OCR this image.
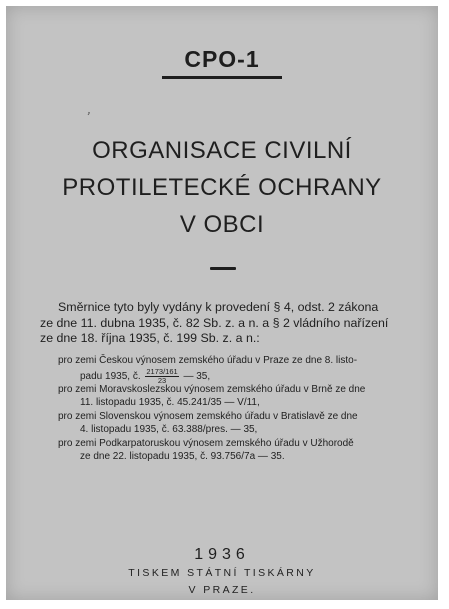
CPO-1
ʼ
ORGANISACE CIVILNÍ
PROTILETECKÉ OCHRANY
V OBCI
Směrnice tyto byly vydány k provedení § 4, odst. 2 zákona
ze dne 11. dubna 1935, č. 82 Sb. z. a n. a § 2 vládního nařízení
ze dne 18. října 1935, č. 199 Sb. z. a n.:
pro zemi Českou výnosem zemského úřadu v Praze ze dne 8. listo-
padu 1935, č. $\frac{2173/161}{23}$ — 35,
pro zemi Moravskoslezskou výnosem zemského úřadu v Brně ze dne
11. listopadu 1935, č. 45.241/35 — V/11,
pro zemi Slovenskou výnosem zemského úřadu v Bratislavě ze dne
4. listopadu 1935, č. 63.388/pres. — 35,
pro zemi Podkarpatoruskou výnosem zemského úřadu v Užhorodě
ze dne 22. listopadu 1935, č. 93.756/7a — 35.
1936
TISKEM STÁTNÍ TISKÁRNY
V PRAZE.
